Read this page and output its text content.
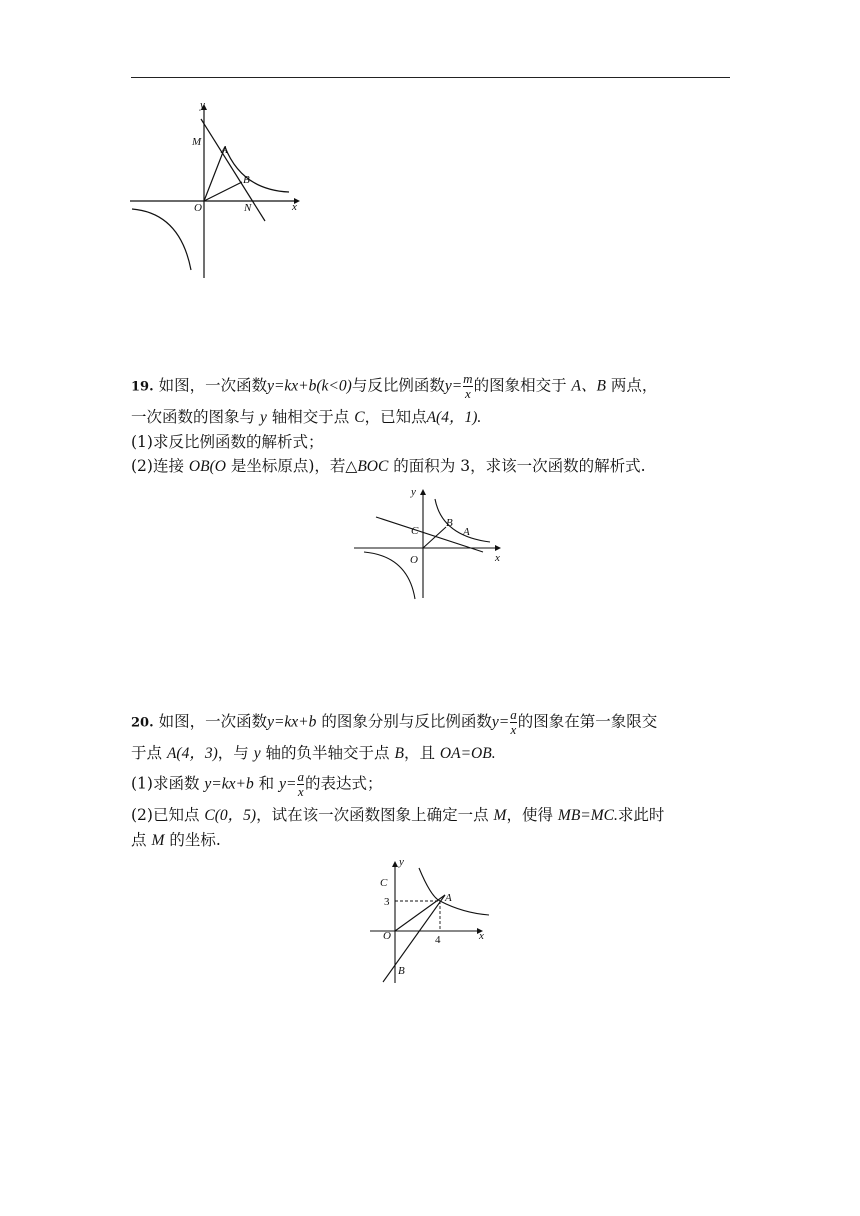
y
x
M
A
B
O	N

19. 如图，一次函数y=kx+b(k<0)与反比例函数$y= \frac{m}{x}$ 的图象相交于 A、B 两点，

一次函数的图象与 y 轴相交于点 C，已知点A(4，1).

(1)求反比例函数的解析式；

(2)连接 OB(O 是坐标原点)，若△BOC 的面积为 3，求该一次函数的解析式.

y
x
C
B
A
O

20. 如图，一次函数y=kx+b 的图象分别与反比例函数$y= \frac{a}{x}$ 的图象在第一象限交

于点 A(4，3)，与 y 轴的负半轴交于点 B，且 OA=OB.

(1)求函数 y=kx+b 和 $y= \frac{a}{x}$ 的表达式；

(2)已知点 C(0，5)，试在该一次函数图象上确定一点 M，使得 MB=MC.求此时

点 M 的坐标.

y
x
C
3	A
O	4
B
